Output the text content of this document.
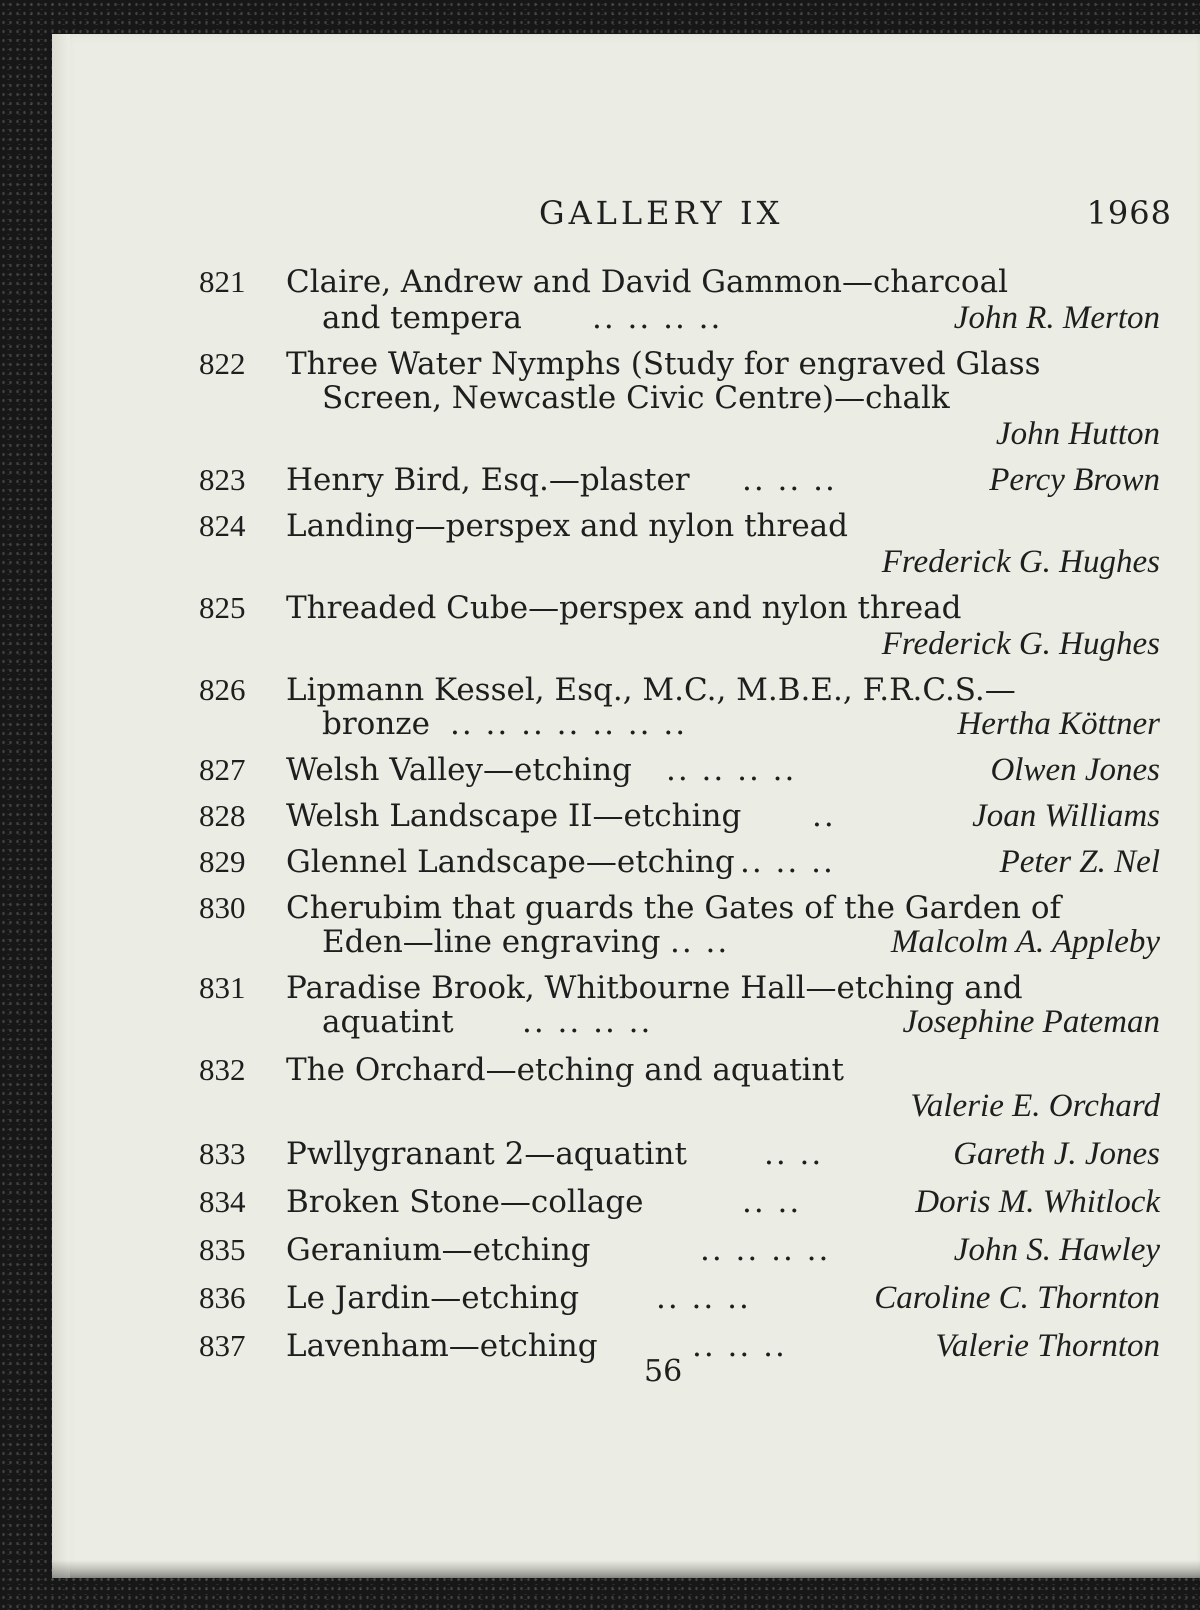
GALLERY IX	1968
821	Claire, Andrew and David Gammon—charcoal
and tempera .. .. .. ..	John R. Merton
822	Three Water Nymphs (Study for engraved Glass
Screen, Newcastle Civic Centre)—chalk
John Hutton
823	Henry Bird, Esq.—plaster .. .. ..	Percy Brown
824	Landing—perspex and nylon thread
Frederick G. Hughes
825	Threaded Cube—perspex and nylon thread
Frederick G. Hughes
826	Lipmann Kessel, Esq., M.C., M.B.E., F.R.C.S.—
bronze .. .. .. .. .. .. ..	Hertha Köttner
827	Welsh Valley—etching .. .. .. ..	Olwen Jones
828	Welsh Landscape II—etching ..	Joan Williams
829	Glennel Landscape—etching .. .. ..	Peter Z. Nel
830	Cherubim that guards the Gates of the Garden of
Eden—line engraving .. ..	Malcolm A. Appleby
831	Paradise Brook, Whitbourne Hall—etching and
aquatint .. .. .. ..	Josephine Pateman
832	The Orchard—etching and aquatint
Valerie E. Orchard
833	Pwllygranant 2—aquatint .. ..	Gareth J. Jones
834	Broken Stone—collage	.. ..	Doris M. Whitlock
835	Geranium—etching	.. .. .. ..	John S. Hawley
836	Le Jardin—etching .. .. ..	Caroline C. Thornton
837	Lavenham—etching	.. .. ..	Valerie Thornton
56
